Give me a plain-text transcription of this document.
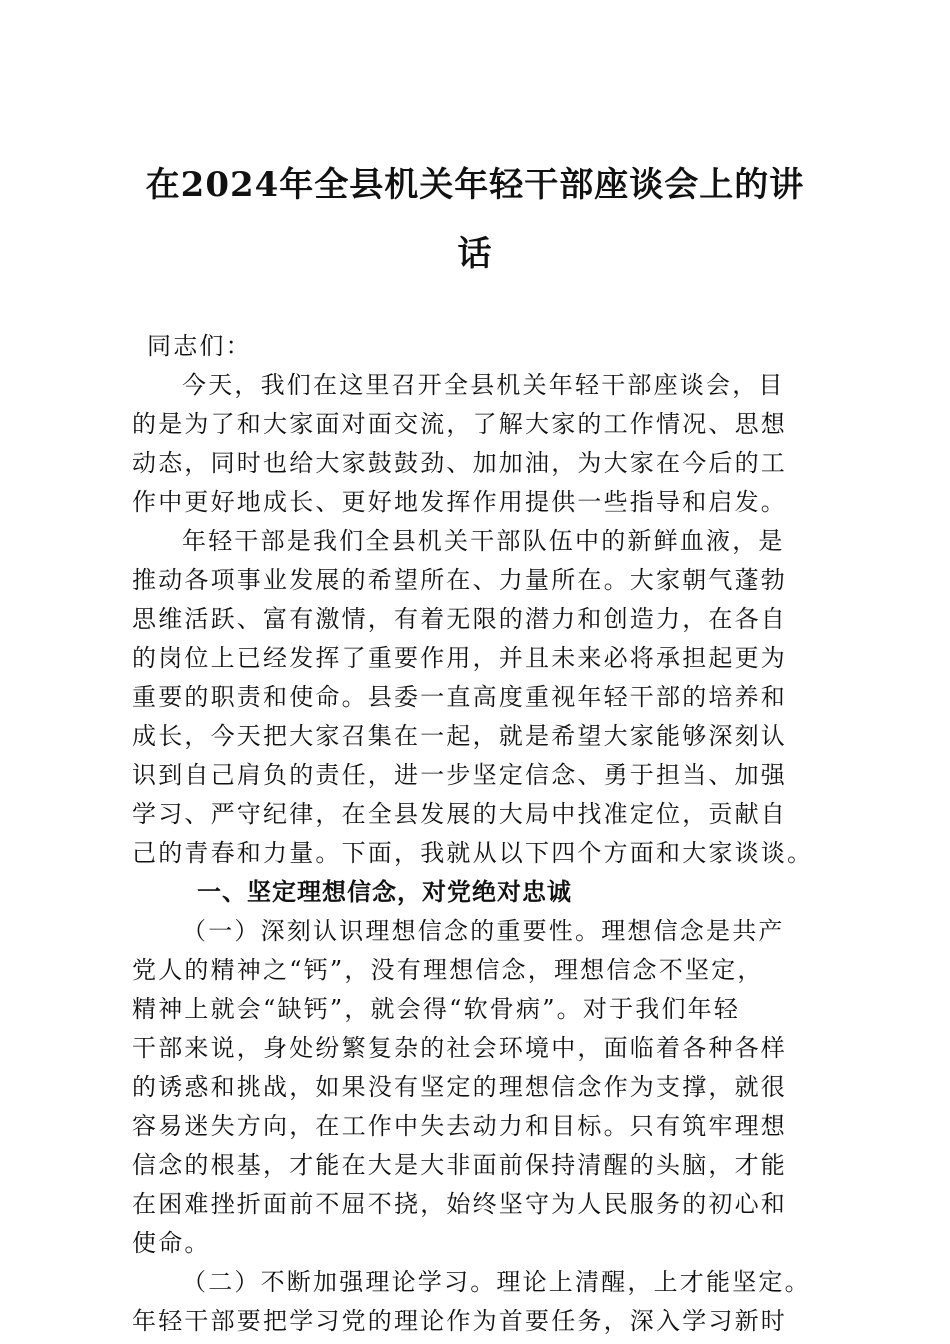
在2024年全县机关年轻干部座谈会上的讲
话
同志们：
今天，我们在这里召开全县机关年轻干部座谈会，目
的是为了和大家面对面交流，了解大家的工作情况、思想
动态，同时也给大家鼓鼓劲、加加油，为大家在今后的工
作中更好地成长、更好地发挥作用提供一些指导和启发。
年轻干部是我们全县机关干部队伍中的新鲜血液，是
推动各项事业发展的希望所在、力量所在。大家朝气蓬勃
思维活跃、富有激情，有着无限的潜力和创造力，在各自
的岗位上已经发挥了重要作用，并且未来必将承担起更为
重要的职责和使命。县委一直高度重视年轻干部的培养和
成长，今天把大家召集在一起，就是希望大家能够深刻认
识到自己肩负的责任，进一步坚定信念、勇于担当、加强
学习、严守纪律，在全县发展的大局中找准定位，贡献自
己的青春和力量。下面，我就从以下四个方面和大家谈谈。
一、坚定理想信念，对党绝对忠诚
（一）深刻认识理想信念的重要性。理想信念是共产
党人的精神之“钙”，没有理想信念，理想信念不坚定，
精神上就会“缺钙”，就会得“软骨病”。对于我们年轻
干部来说，身处纷繁复杂的社会环境中，面临着各种各样
的诱惑和挑战，如果没有坚定的理想信念作为支撑，就很
容易迷失方向，在工作中失去动力和目标。只有筑牢理想
信念的根基，才能在大是大非面前保持清醒的头脑，才能
在困难挫折面前不屈不挠，始终坚守为人民服务的初心和
使命。
（二）不断加强理论学习。理论上清醒，上才能坚定。
年轻干部要把学习党的理论作为首要任务，深入学习新时
